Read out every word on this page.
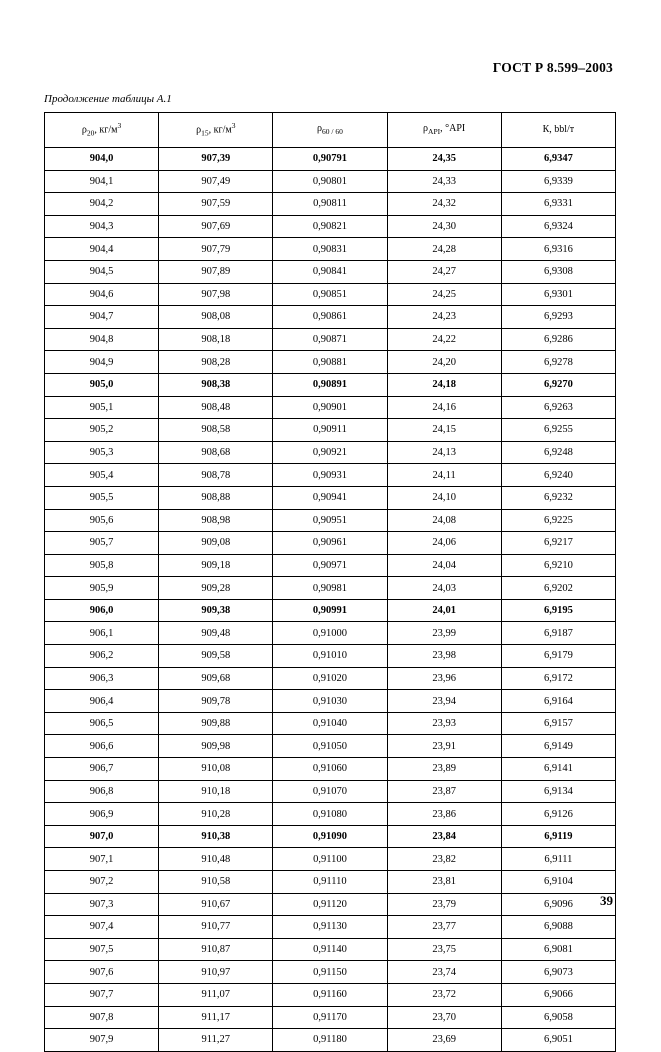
ГОСТ Р 8.599–2003
Продолжение таблицы А.1
$\rho_{20}$, $кг/м^3$	$\rho_{15}$, $кг/м^3$	$\rho_{60 / 60}$	$\rho_{API}$, °API	К, bbl/т
904,0	907,39	0,90791	24,35	6,9347
904,1	907,49	0,90801	24,33	6,9339
904,2	907,59	0,90811	24,32	6,9331
904,3	907,69	0,90821	24,30	6,9324
904,4	907,79	0,90831	24,28	6,9316
904,5	907,89	0,90841	24,27	6,9308
904,6	907,98	0,90851	24,25	6,9301
904,7	908,08	0,90861	24,23	6,9293
904,8	908,18	0,90871	24,22	6,9286
904,9	908,28	0,90881	24,20	6,9278
905,0	908,38	0,90891	24,18	6,9270
905,1	908,48	0,90901	24,16	6,9263
905,2	908,58	0,90911	24,15	6,9255
905,3	908,68	0,90921	24,13	6,9248
905,4	908,78	0,90931	24,11	6,9240
905,5	908,88	0,90941	24,10	6,9232
905,6	908,98	0,90951	24,08	6,9225
905,7	909,08	0,90961	24,06	6,9217
905,8	909,18	0,90971	24,04	6,9210
905,9	909,28	0,90981	24,03	6,9202
906,0	909,38	0,90991	24,01	6,9195
906,1	909,48	0,91000	23,99	6,9187
906,2	909,58	0,91010	23,98	6,9179
906,3	909,68	0,91020	23,96	6,9172
906,4	909,78	0,91030	23,94	6,9164
906,5	909,88	0,91040	23,93	6,9157
906,6	909,98	0,91050	23,91	6,9149
906,7	910,08	0,91060	23,89	6,9141
906,8	910,18	0,91070	23,87	6,9134
906,9	910,28	0,91080	23,86	6,9126
907,0	910,38	0,91090	23,84	6,9119
907,1	910,48	0,91100	23,82	6,9111
907,2	910,58	0,91110	23,81	6,9104
907,3	910,67	0,91120	23,79	6,9096
907,4	910,77	0,91130	23,77	6,9088
907,5	910,87	0,91140	23,75	6,9081
907,6	910,97	0,91150	23,74	6,9073
907,7	911,07	0,91160	23,72	6,9066
907,8	911,17	0,91170	23,70	6,9058
907,9	911,27	0,91180	23,69	6,9051
39
